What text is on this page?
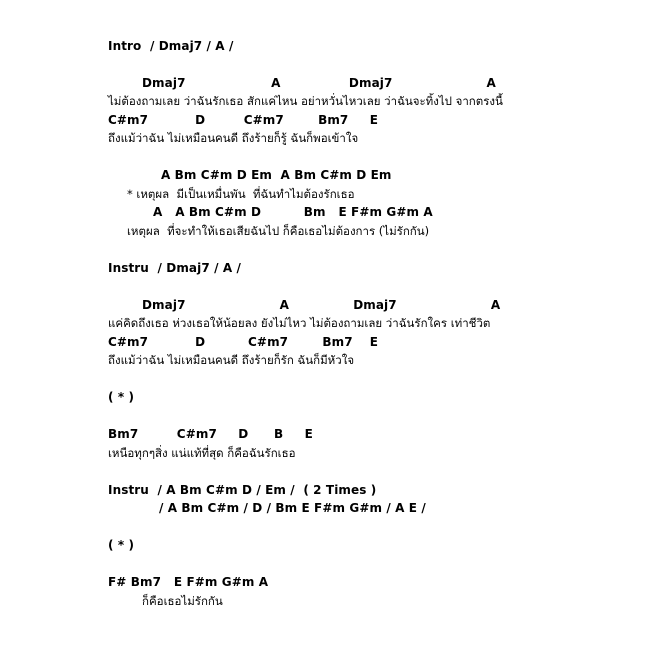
Intro  / Dmaj7 / A /
Dmaj7                    A                Dmaj7                      A
ไม่ต้องถามเลย ว่าฉันรักเธอ สักแค่ไหน อย่าหวั่นไหวเลย ว่าฉันจะทิ้งไป จากตรงนี้
C#m7           D         C#m7        Bm7     E
ถึงแม้ว่าฉัน ไม่เหมือนคนดี ถึงร้ายก็รู้ ฉันก็พอเข้าใจ
A Bm C#m D Em  A Bm C#m D Em
* เหตุผล  มีเป็นเหมื่นพัน  ที่ฉันทำไมต้องรักเธอ
A   A Bm C#m D          Bm   E F#m G#m A
เหตุผล  ที่จะทำให้เธอเสียฉันไป ก็คือเธอไม่ต้องการ (ไม่รักกัน)
Instru  / Dmaj7 / A /
Dmaj7                      A               Dmaj7                      A
แค่คิดถึงเธอ ห่วงเธอให้น้อยลง ยังไม่ไหว ไม่ต้องถามเลย ว่าฉันรักใคร เท่าชีวิต
C#m7           D          C#m7        Bm7    E
ถึงแม้ว่าฉัน ไม่เหมือนคนดี ถึงร้ายก็รัก ฉันก็มีหัวใจ
( * )
Bm7         C#m7     D      B     E
เหนือทุกๆสิ่ง แน่แท้ที่สุด ก็คือฉันรักเธอ
Instru  / A Bm C#m D / Em /  ( 2 Times )
/ A Bm C#m / D / Bm E F#m G#m / A E /
( * )
F# Bm7   E F#m G#m A
ก็คือเธอไม่รักกัน
